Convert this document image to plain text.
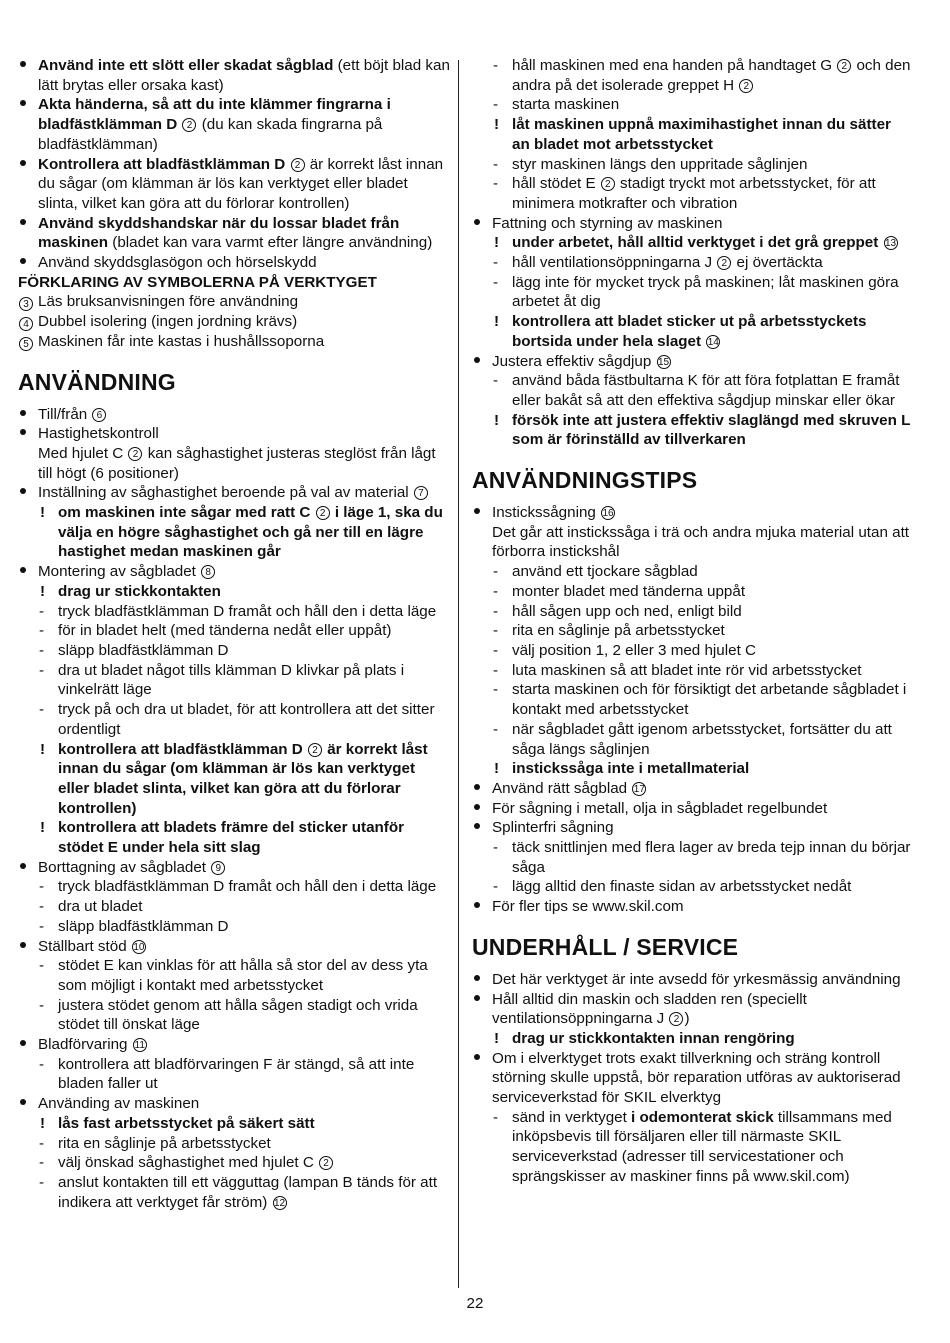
Använd inte ett slött eller skadat sågblad (ett böjt blad kan lätt brytas eller orsaka kast)
Akta händerna, så att du inte klämmer fingrarna i bladfästklämman D 2 (du kan skada fingrarna på bladfästklämman)
Kontrollera att bladfästklämman D 2 är korrekt låst innan du sågar (om klämman är lös kan verktyget eller bladet slinta, vilket kan göra att du förlorar kontrollen)
Använd skyddshandskar när du lossar bladet från maskinen (bladet kan vara varmt efter längre användning)
Använd skyddsglasögon och hörselskydd
FÖRKLARING AV SYMBOLERNA PÅ VERKTYGET
3 Läs bruksanvisningen före användning
4 Dubbel isolering (ingen jordning krävs)
5 Maskinen får inte kastas i hushållssoporna
ANVÄNDNING
Till/från 6
Hastighetskontroll
Med hjulet C 2 kan såghastighet justeras steglöst från lågt till högt (6 positioner)
Inställning av såghastighet beroende på val av material 7
! om maskinen inte sågar med ratt C 2 i läge 1, ska du välja en högre såghastighet och gå ner till en lägre hastighet medan maskinen går
Montering av sågbladet 8
! drag ur stickkontakten
- tryck bladfästklämman D framåt och håll den i detta läge
- för in bladet helt (med tänderna nedåt eller uppåt)
- släpp bladfästklämman D
- dra ut bladet något tills klämman D klivkar på plats i vinkelrätt läge
- tryck på och dra ut bladet, för att kontrollera att det sitter ordentligt
! kontrollera att bladfästklämman D 2 är korrekt låst innan du sågar (om klämman är lös kan verktyget eller bladet slinta, vilket kan göra att du förlorar kontrollen)
! kontrollera att bladets främre del sticker utanför stödet E under hela sitt slag
Borttagning av sågbladet 9
- tryck bladfästklämman D framåt och håll den i detta läge
- dra ut bladet
- släpp bladfästklämman D
Ställbart stöd 10
- stödet E kan vinklas för att hålla så stor del av dess yta som möjligt i kontakt med arbetsstycket
- justera stödet genom att hålla sågen stadigt och vrida stödet till önskat läge
Bladförvaring 11
- kontrollera att bladförvaringen F är stängd, så att inte bladen faller ut
Använding av maskinen
! lås fast arbetsstycket på säkert sätt
- rita en såglinje på arbetsstycket
- välj önskad såghastighet med hjulet C 2
- anslut kontakten till ett vägguttag (lampan B tänds för att indikera att verktyget får ström) 12
- håll maskinen med ena handen på handtaget G 2 och den andra på det isolerade greppet H 2
- starta maskinen
! låt maskinen uppnå maximihastighet innan du sätter an bladet mot arbetsstycket
- styr maskinen längs den uppritade såglinjen
- håll stödet E 2 stadigt tryckt mot arbetsstycket, för att minimera motkrafter och vibration
Fattning och styrning av maskinen
! under arbetet, håll alltid verktyget i det grå greppet 13
- håll ventilationsöppningarna J 2 ej övertäckta
- lägg inte för mycket tryck på maskinen; låt maskinen göra arbetet åt dig
! kontrollera att bladet sticker ut på arbetsstyckets bortsida under hela slaget 14
Justera effektiv sågdjup 15
- använd båda fästbultarna K för att föra fotplattan E framåt eller bakåt så att den effektiva sågdjup minskar eller ökar
! försök inte att justera effektiv slaglängd med skruven L som är förinställd av tillverkaren
ANVÄNDNINGSTIPS
Instickssågning 16
Det går att instickssåga i trä och andra mjuka material utan att förborra instickshål
- använd ett tjockare sågblad
- monter bladet med tänderna uppåt
- håll sågen upp och ned, enligt bild
- rita en såglinje på arbetsstycket
- välj position 1, 2 eller 3 med hjulet C
- luta maskinen så att bladet inte rör vid arbetsstycket
- starta maskinen och för försiktigt det arbetande sågbladet i kontakt med arbetsstycket
- när sågbladet gått igenom arbetsstycket, fortsätter du att såga längs såglinjen
! instickssåga inte i metallmaterial
Använd rätt sågblad 17
För sågning i metall, olja in sågbladet regelbundet
Splinterfri sågning
- täck snittlinjen med flera lager av breda tejp innan du börjar såga
- lägg alltid den finaste sidan av arbetsstycket nedåt
För fler tips se www.skil.com
UNDERHÅLL / SERVICE
Det här verktyget är inte avsedd för yrkesmässig användning
Håll alltid din maskin och sladden ren (speciellt ventilationsöppningarna J 2 )
! drag ur stickkontakten innan rengöring
Om i elverktyget trots exakt tillverkning och sträng kontroll störning skulle uppstå, bör reparation utföras av auktoriserad serviceverkstad för SKIL elverktyg
- sänd in verktyget i odemonterat skick tillsammans med inköpsbevis till försäljaren eller till närmaste SKIL serviceverkstad (adresser till servicestationer och sprängskisser av maskiner finns på www.skil.com)
22
